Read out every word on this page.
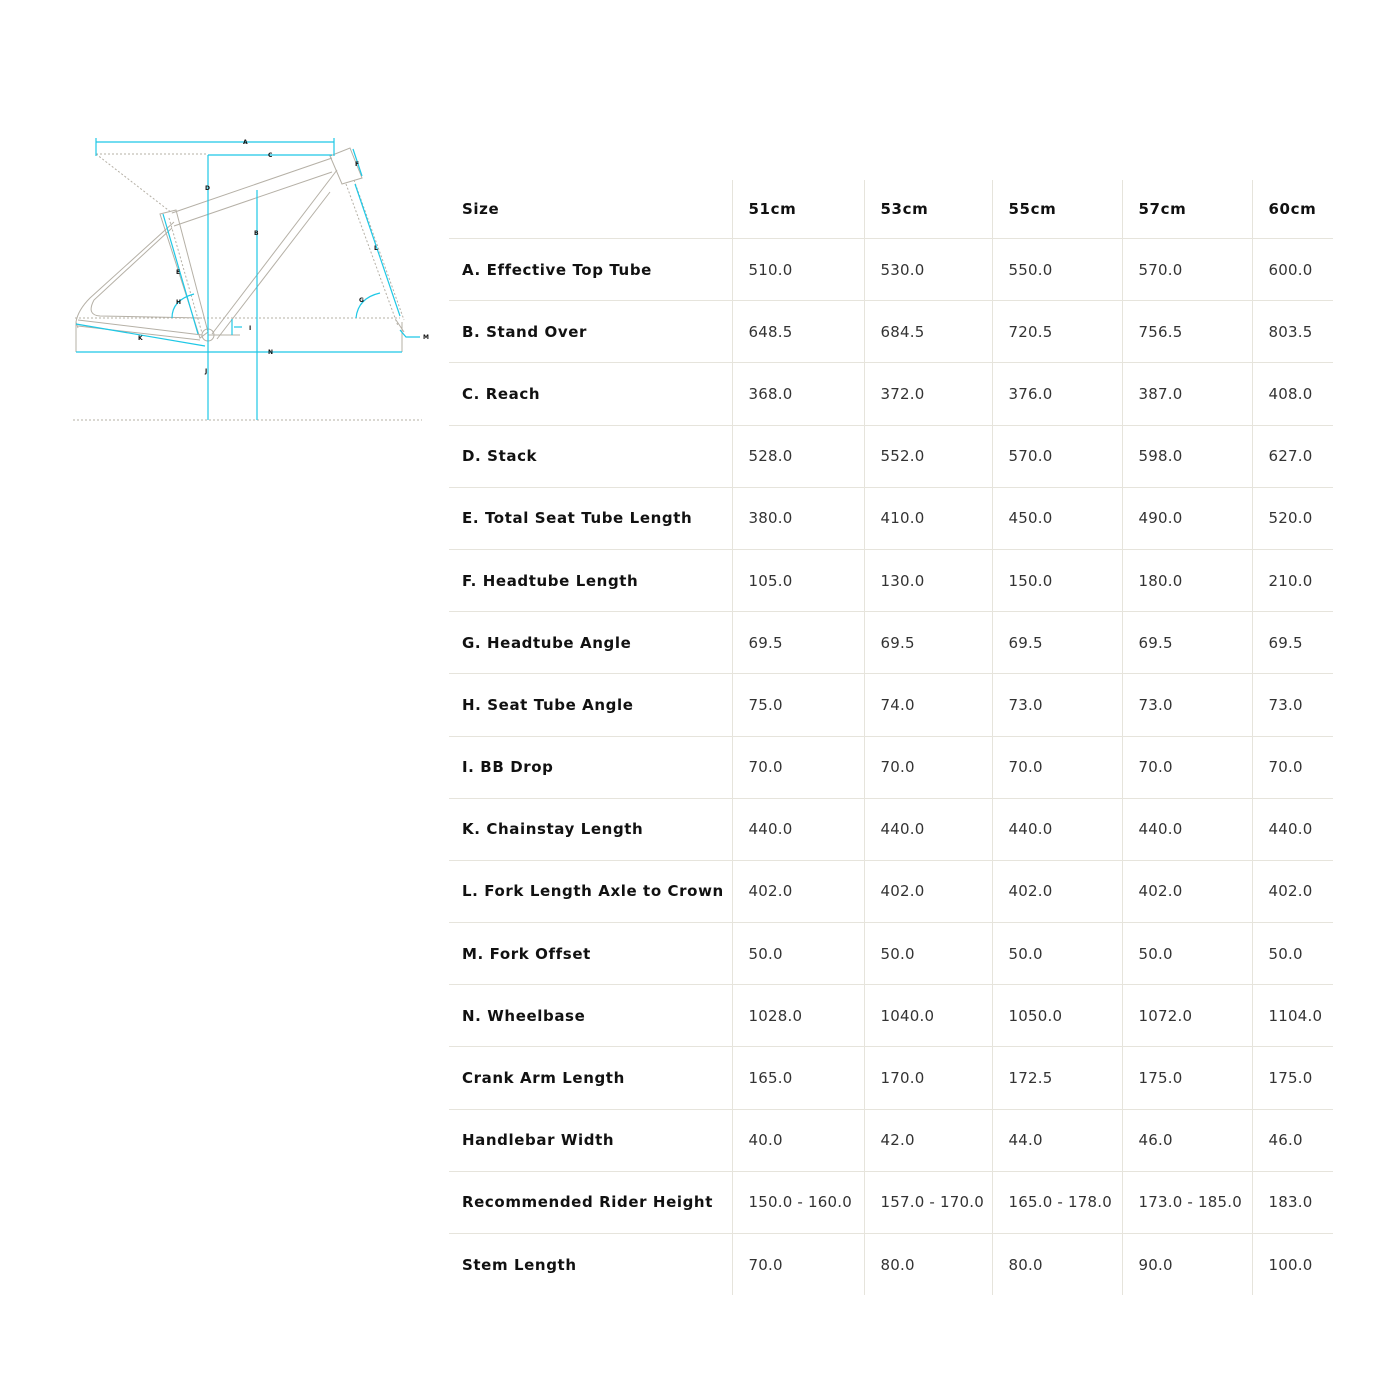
A
C
D
B
E
F
G
H
I
J
K
L
M
N
Size	51cm	53cm	55cm	57cm	60cm
A. Effective Top Tube	510.0	530.0	550.0	570.0	600.0
B. Stand Over	648.5	684.5	720.5	756.5	803.5
C. Reach	368.0	372.0	376.0	387.0	408.0
D. Stack	528.0	552.0	570.0	598.0	627.0
E. Total Seat Tube Length	380.0	410.0	450.0	490.0	520.0
F. Headtube Length	105.0	130.0	150.0	180.0	210.0
G. Headtube Angle	69.5	69.5	69.5	69.5	69.5
H. Seat Tube Angle	75.0	74.0	73.0	73.0	73.0
I. BB Drop	70.0	70.0	70.0	70.0	70.0
K. Chainstay Length	440.0	440.0	440.0	440.0	440.0
L. Fork Length Axle to Crown	402.0	402.0	402.0	402.0	402.0
M. Fork Offset	50.0	50.0	50.0	50.0	50.0
N. Wheelbase	1028.0	1040.0	1050.0	1072.0	1104.0
Crank Arm Length	165.0	170.0	172.5	175.0	175.0
Handlebar Width	40.0	42.0	44.0	46.0	46.0
Recommended Rider Height	150.0 - 160.0	157.0 - 170.0	165.0 - 178.0	173.0 - 185.0	183.0
Stem Length	70.0	80.0	80.0	90.0	100.0
